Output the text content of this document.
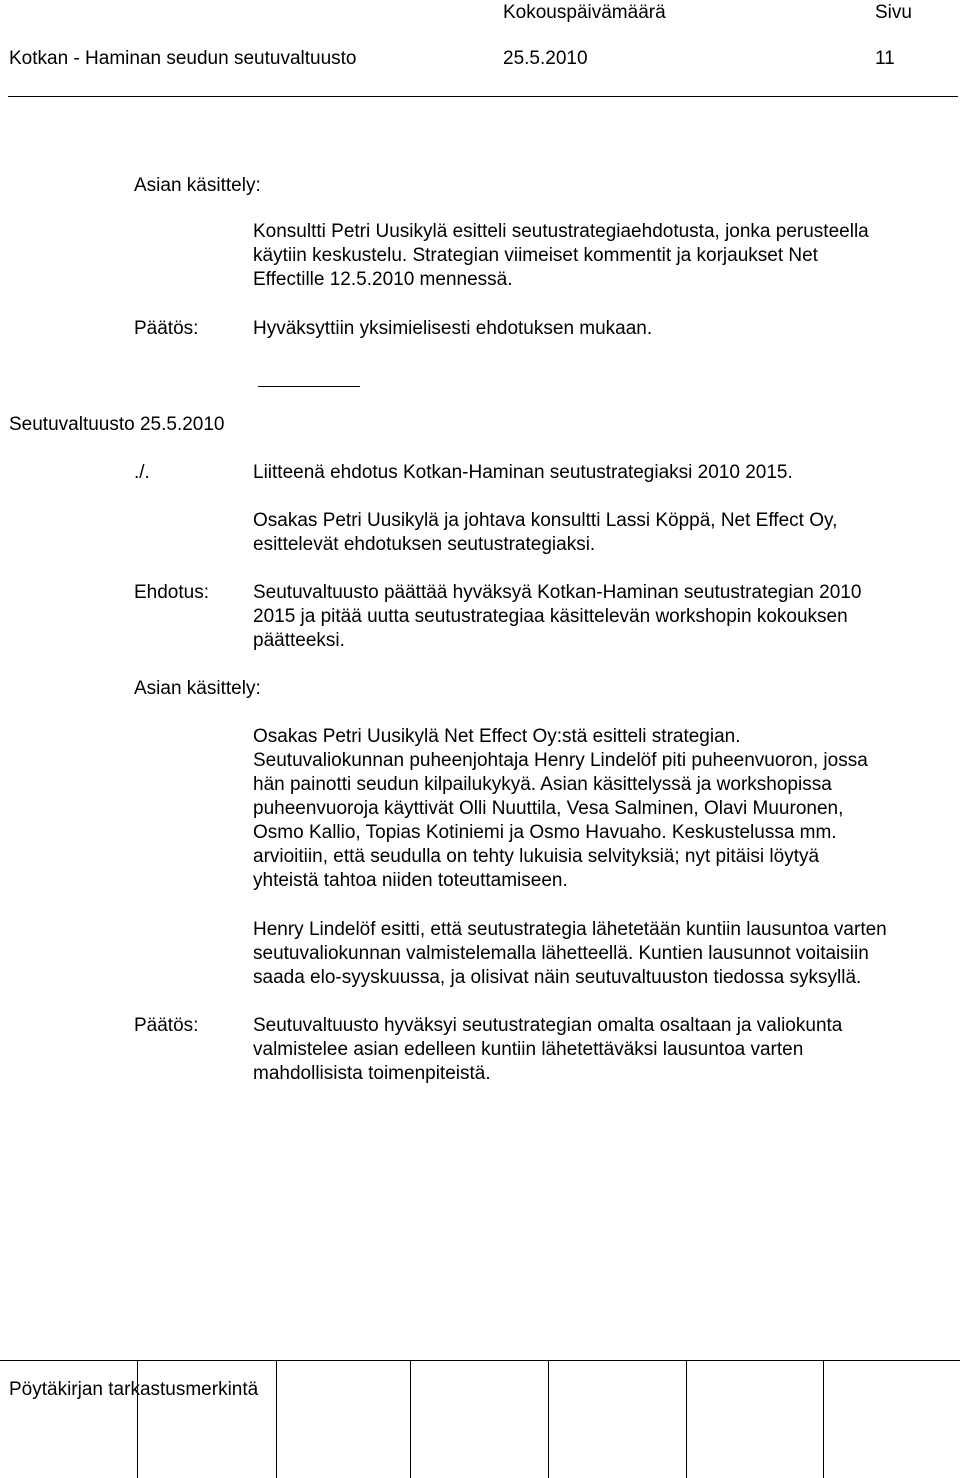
Kokouspäivämäärä	Sivu
Kotkan - Haminan seudun seutuvaltuusto	25.5.2010	11
Asian käsittely:
Konsultti Petri Uusikylä esitteli seutustrategiaehdotusta, jonka perusteella
käytiin keskustelu. Strategian viimeiset kommentit ja korjaukset Net
Effectille 12.5.2010 mennessä.
Päätös:	Hyväksyttiin yksimielisesti ehdotuksen mukaan.
Seutuvaltuusto 25.5.2010
./.	Liitteenä ehdotus Kotkan-Haminan seutustrategiaksi 2010 2015.
Osakas Petri Uusikylä ja johtava konsultti Lassi Köppä, Net Effect Oy,
esittelevät ehdotuksen seutustrategiaksi.
Ehdotus: Seutuvaltuusto päättää hyväksyä Kotkan-Haminan seutustrategian 2010
2015 ja pitää uutta seutustrategiaa käsittelevän workshopin kokouksen
päätteeksi.
Asian käsittely:
Osakas Petri Uusikylä Net Effect Oy:stä esitteli strategian.
Seutuvaliokunnan puheenjohtaja Henry Lindelöf piti puheenvuoron, jossa
hän painotti seudun kilpailukykyä. Asian käsittelyssä ja workshopissa
puheenvuoroja käyttivät Olli Nuuttila, Vesa Salminen, Olavi Muuronen,
Osmo Kallio, Topias Kotiniemi ja Osmo Havuaho. Keskustelussa mm.
arvioitiin, että seudulla on tehty lukuisia selvityksiä; nyt pitäisi löytyä
yhteistä tahtoa niiden toteuttamiseen.
Henry Lindelöf esitti, että seutustrategia lähetetään kuntiin lausuntoa varten
seutuvaliokunnan valmistelemalla lähetteellä. Kuntien lausunnot voitaisiin
saada elo-syyskuussa, ja olisivat näin seutuvaltuuston tiedossa syksyllä.
Päätös:	Seutuvaltuusto hyväksyi seutustrategian omalta osaltaan ja valiokunta
valmistelee asian edelleen kuntiin lähetettäväksi lausuntoa varten
mahdollisista toimenpiteistä.
Pöytäkirjan tarkastusmerkintä
